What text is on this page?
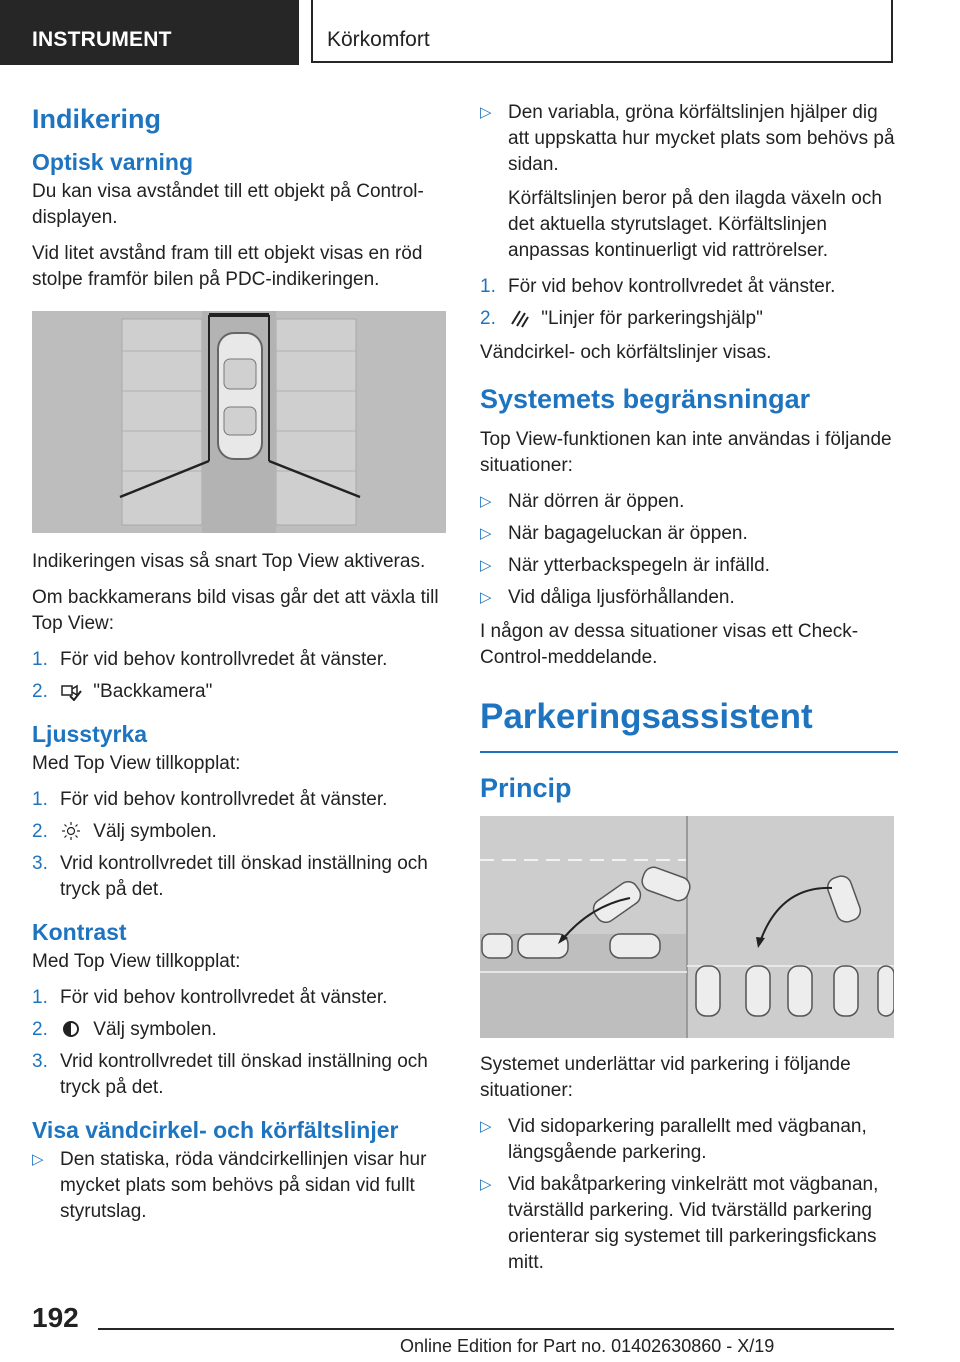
INSTRUMENT	Körkomfort
Indikering
Optisk varning

Du kan visa avståndet till ett objekt på Control-displayen.

Vid litet avstånd fram till ett objekt visas en röd stolpe framför bilen på PDC-indikeringen.

Indikeringen visas så snart Top View aktiveras.

Om backkamerans bild visas går det att växla till Top View:

1. För vid behov kontrollvredet åt vänster.
2. "Backkamera"
Ljusstyrka

Med Top View tillkopplat:

1. För vid behov kontrollvredet åt vänster.
2. Välj symbolen.
3. Vrid kontrollvredet till önskad inställning och tryck på det.
Kontrast

Med Top View tillkopplat:

1. För vid behov kontrollvredet åt vänster.
2. Välj symbolen.
3. Vrid kontrollvredet till önskad inställning och tryck på det.
Visa vändcirkel- och körfältslinjer
▷ Den statiska, röda vändcirkellinjen visar hur mycket plats som behövs på sidan vid fullt styrutslag.
▷ Den variabla, gröna körfältslinjen hjälper dig att uppskatta hur mycket plats som behövs på sidan.

Körfältslinjen beror på den ilagda växeln och det aktuella styrutslaget. Körfältslinjen anpassas kontinuerligt vid rattrörelser.

1. För vid behov kontrollvredet åt vänster.
2. "Linjer för parkeringshjälp"

Vändcirkel- och körfältslinjer visas.

Systemets begränsningar

Top View-funktionen kan inte användas i följande situationer:

▷ När dörren är öppen.
▷ När bagageluckan är öppen.
▷ När ytterbackspegeln är infälld.
▷ Vid dåliga ljusförhållanden.

I någon av dessa situationer visas ett Check-Control-meddelande.

Parkeringsassistent
Princip

Systemet underlättar vid parkering i följande situationer:

▷ Vid sidoparkering parallellt med vägbanan, längsgående parkering.
▷ Vid bakåtparkering vinkelrätt mot vägbanan, tvärställd parkering. Vid tvärställd parkering orienterar sig systemet till parkeringsfickans mitt.
192
Online Edition for Part no. 01402630860 - X/19
